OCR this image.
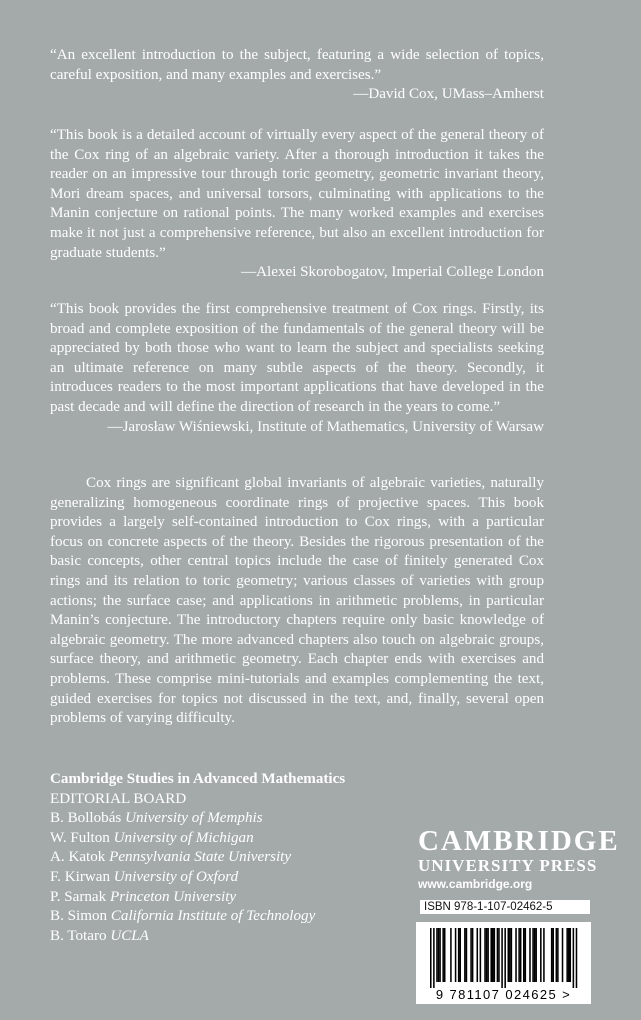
“An excellent introduction to the subject, featuring a wide selection of topics, careful exposition, and many examples and exercises.”
—David Cox, UMass–Amherst
“This book is a detailed account of virtually every aspect of the general theory of the Cox ring of an algebraic variety. After a thorough introduction it takes the reader on an impressive tour through toric geometry, geometric invariant theory, Mori dream spaces, and universal torsors, culminating with applications to the Manin conjecture on rational points. The many worked examples and exercises make it not just a comprehensive reference, but also an excellent introduction for graduate students.”
—Alexei Skorobogatov, Imperial College London
“This book provides the first comprehensive treatment of Cox rings. Firstly, its broad and complete exposition of the fundamentals of the general theory will be appreciated by both those who want to learn the subject and specialists seeking an ultimate reference on many subtle aspects of the theory. Secondly, it introduces readers to the most important applications that have developed in the past decade and will define the direction of research in the years to come.”
—Jarosław Wiśniewski, Institute of Mathematics, University of Warsaw
Cox rings are significant global invariants of algebraic varieties, naturally generalizing homogeneous coordinate rings of projective spaces. This book provides a largely self-contained introduction to Cox rings, with a particular focus on concrete aspects of the theory. Besides the rigorous presentation of the basic concepts, other central topics include the case of finitely generated Cox rings and its relation to toric geometry; various classes of varieties with group actions; the surface case; and applications in arithmetic problems, in particular Manin’s conjecture. The introductory chapters require only basic knowledge of algebraic geometry. The more advanced chapters also touch on algebraic groups, surface theory, and arithmetic geometry. Each chapter ends with exercises and problems. These comprise mini-tutorials and examples complementing the text, guided exercises for topics not discussed in the text, and, finally, several open problems of varying difficulty.
Cambridge Studies in Advanced Mathematics
EDITORIAL BOARD
B. Bollobás University of Memphis
W. Fulton University of Michigan
A. Katok Pennsylvania State University
F. Kirwan University of Oxford
P. Sarnak Princeton University
B. Simon California Institute of Technology
B. Totaro UCLA
CAMBRIDGE
UNIVERSITY PRESS
www.cambridge.org
ISBN 978-1-107-02462-5
9 781107 024625 >
